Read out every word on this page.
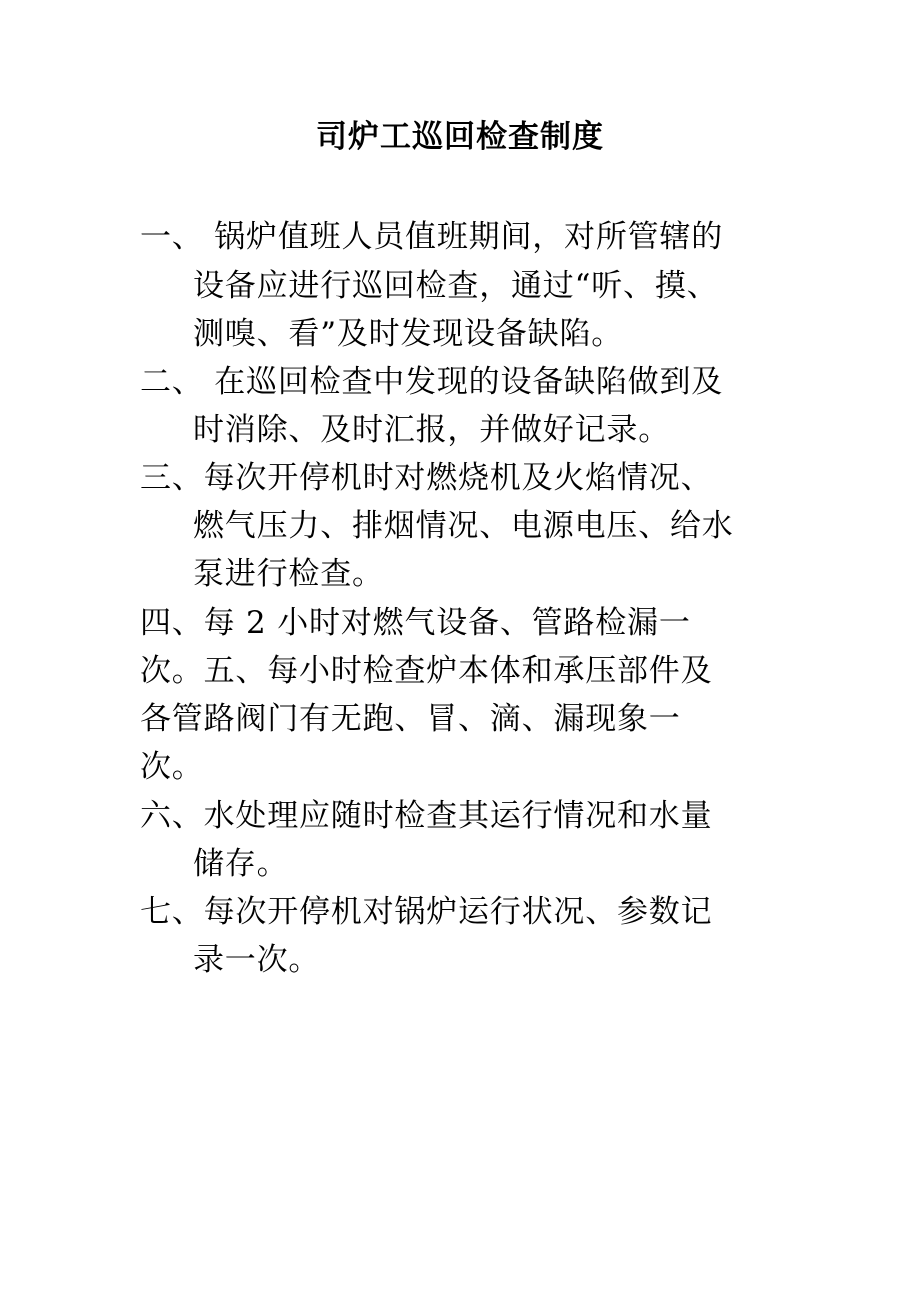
司炉工巡回检查制度
一、 锅炉值班人员值班期间，对所管辖的
设备应进行巡回检查，通过“听、摸、
测嗅、看”及时发现设备缺陷。
二、 在巡回检查中发现的设备缺陷做到及
时消除、及时汇报，并做好记录。
三、每次开停机时对燃烧机及火焰情况、
燃气压力、排烟情况、电源电压、给水
泵进行检查。
四、每 2 小时对燃气设备、管路检漏一
次。五、每小时检查炉本体和承压部件及
各管路阀门有无跑、冒、滴、漏现象一
次。
六、水处理应随时检查其运行情况和水量
储存。
七、每次开停机对锅炉运行状况、参数记
录一次。
